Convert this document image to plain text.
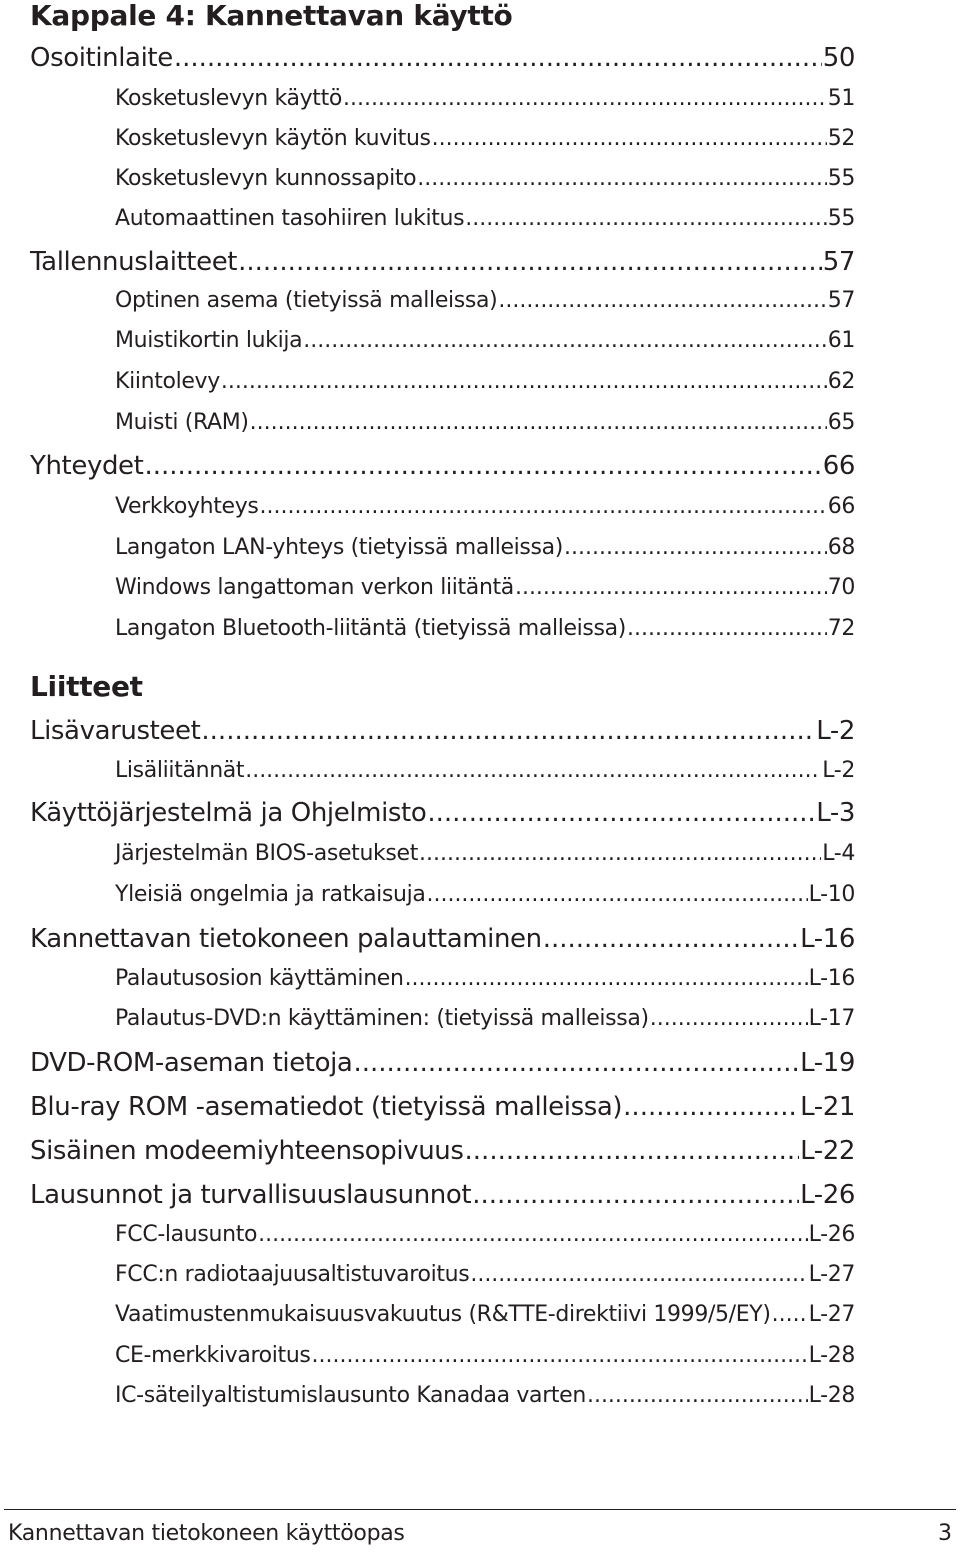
Kappale 4: Kannettavan käyttö
Osoitinlaite .....	50
Kosketuslevyn käyttö .....	51
Kosketuslevyn käytön kuvitus .....	52
Kosketuslevyn kunnossapito .....	55
Automaattinen tasohiiren lukitus .....	55
Tallennuslaitteet .....	57
Optinen asema (tietyissä malleissa) .....	57
Muistikortin lukija .....	61
Kiintolevy .....	62
Muisti (RAM) .....	65
Yhteydet .....	66
Verkkoyhteys .....	66
Langaton LAN-yhteys (tietyissä malleissa) .....	68
Windows langattoman verkon liitäntä .....	70
Langaton Bluetooth-liitäntä (tietyissä malleissa) .....	72
Liitteet
Lisävarusteet .....	L-2
Lisäliitännät .....	L-2
Käyttöjärjestelmä ja Ohjelmisto .....	L-3
Järjestelmän BIOS-asetukset .....	L-4
Yleisiä ongelmia ja ratkaisuja .....	L-10
Kannettavan tietokoneen palauttaminen .....	L-16
Palautusosion käyttäminen .....	L-16
Palautus-DVD:n käyttäminen: (tietyissä malleissa) .....	L-17
DVD-ROM-aseman tietoja .....	L-19
Blu-ray ROM -asematiedot (tietyissä malleissa) .....	L-21
Sisäinen modeemiyhteensopivuus .....	L-22
Lausunnot ja turvallisuuslausunnot .....	L-26
FCC-lausunto .....	L-26
FCC:n radiotaajuusaltistuvaroitus .....	L-27
Vaatimustenmukaisuusvakuutus (R&TTE-direktiivi 1999/5/EY) ..... L-27
CE-merkkivaroitus .....	L-28
IC-säteilyaltistumislausunto Kanadaa varten .....	L-28
Kannettavan tietokoneen käyttöopas	3
